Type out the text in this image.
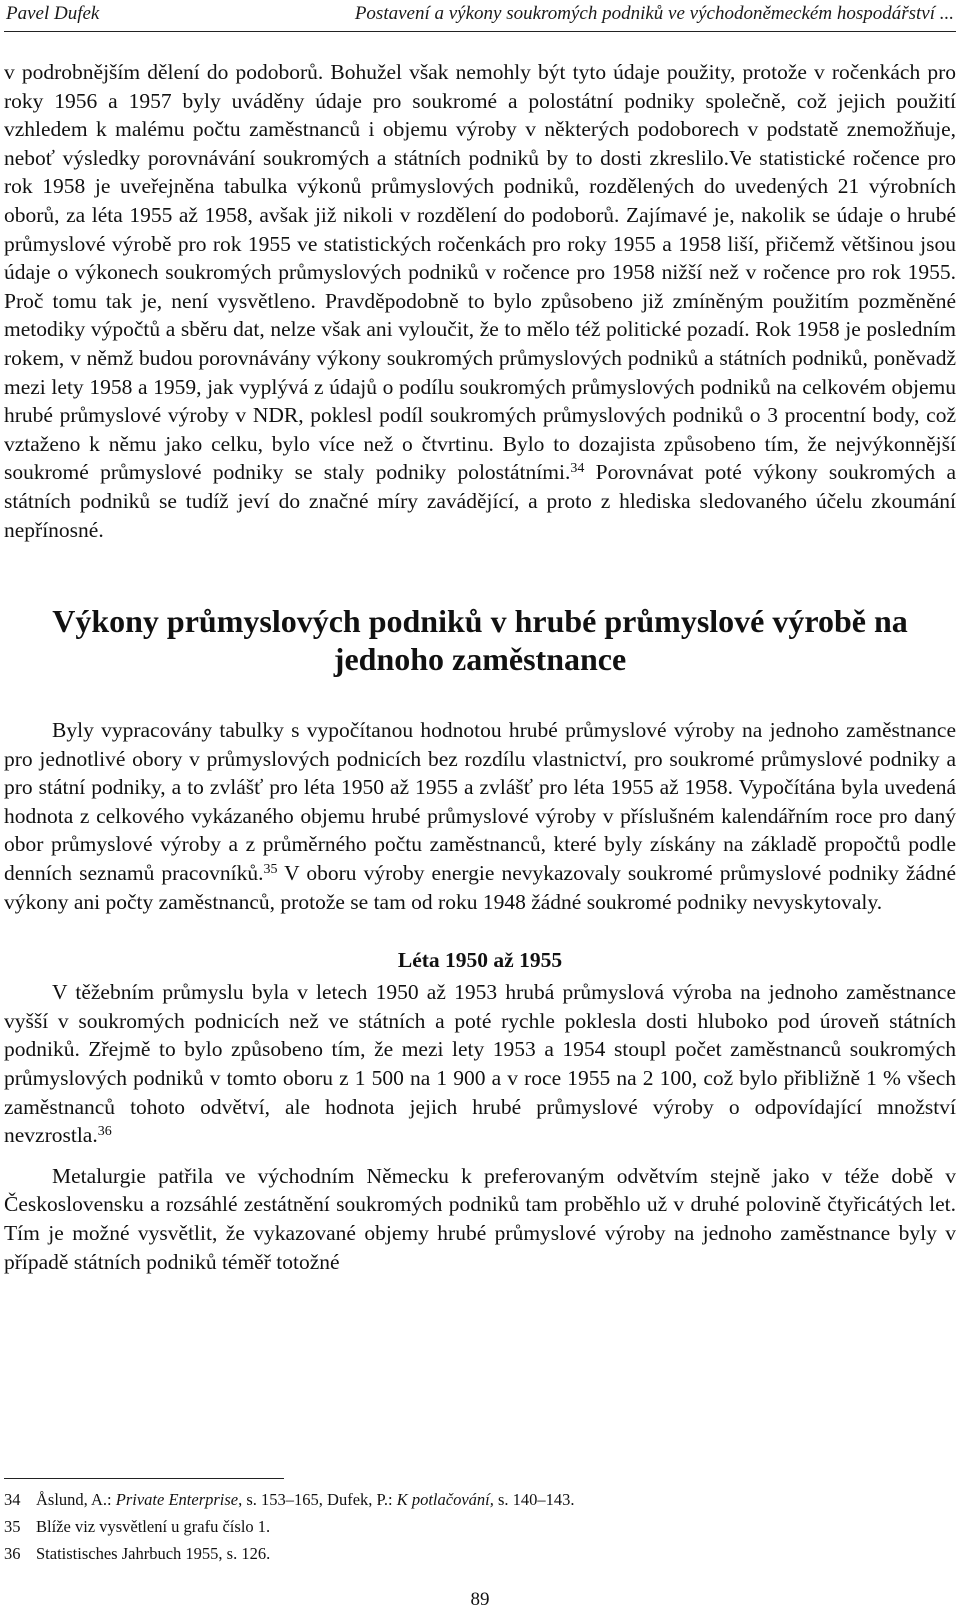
Pavel Dufek	Postavení a výkony soukromých podniků ve východoněmeckém hospodářství ...

v podrobnějším dělení do podoborů. Bohužel však nemohly být tyto údaje použity, protože v ročenkách pro roky 1956 a 1957 byly uváděny údaje pro soukromé a polostátní podniky společně, což jejich použití vzhledem k malému počtu zaměstnanců i objemu výroby v některých podoborech v podstatě znemožňuje, neboť výsledky porovnávání soukromých a státních podniků by to dosti zkreslilo.Ve statistické ročence pro rok 1958 je uveřejněna tabulka výkonů průmyslových podniků, rozdělených do uvedených 21 výrobních oborů, za léta 1955 až 1958, avšak již nikoli v rozdělení do podoborů. Zajímavé je, nakolik se údaje o hrubé průmyslové výrobě pro rok 1955 ve statistických ročenkách pro roky 1955 a 1958 liší, přičemž většinou jsou údaje o výkonech soukromých průmyslových podniků v ročence pro 1958 nižší než v ročence pro rok 1955. Proč tomu tak je, není vysvětleno. Pravděpodobně to bylo způsobeno již zmíněným použitím pozměněné metodiky výpočtů a sběru dat, nelze však ani vyloučit, že to mělo též politické pozadí. Rok 1958 je posledním rokem, v němž budou porovnávány výkony soukromých průmyslových podniků a státních podniků, poněvadž mezi lety 1958 a 1959, jak vyplývá z údajů o podílu soukromých průmyslových podniků na celkovém objemu hrubé průmyslové výroby v NDR, poklesl podíl soukromých průmyslových podniků o 3 procentní body, což vztaženo k němu jako celku, bylo více než o čtvrtinu. Bylo to dozajista způsobeno tím, že nejvýkonnější soukromé průmyslové podniky se staly podniky polostátními.$^{34}$ Porovnávat poté výkony soukromých a státních podniků se tudíž jeví do značné míry zavádějící, a proto z hlediska sledovaného účelu zkoumání nepřínosné.

Výkony průmyslových podniků v hrubé průmyslové výrobě na jednoho zaměstnance

Byly vypracovány tabulky s vypočítanou hodnotou hrubé průmyslové výroby na jednoho zaměstnance pro jednotlivé obory v průmyslových podnicích bez rozdílu vlastnictví, pro soukromé průmyslové podniky a pro státní podniky, a to zvlášť pro léta 1950 až 1955 a zvlášť pro léta 1955 až 1958. Vypočítána byla uvedená hodnota z celkového vykázaného objemu hrubé průmyslové výroby v příslušném kalendářním roce pro daný obor průmyslové výroby a z průměrného počtu zaměstnanců, které byly získány na základě propočtů podle denních seznamů pracovníků.$^{35}$ V oboru výroby energie nevykazovaly soukromé průmyslové podniky žádné výkony ani počty zaměstnanců, protože se tam od roku 1948 žádné soukromé podniky nevyskytovaly.

Léta 1950 až 1955

V těžebním průmyslu byla v letech 1950 až 1953 hrubá průmyslová výroba na jednoho zaměstnance vyšší v soukromých podnicích než ve státních a poté rychle poklesla dosti hluboko pod úroveň státních podniků. Zřejmě to bylo způsobeno tím, že mezi lety 1953 a 1954 stoupl počet zaměstnanců soukromých průmyslových podniků v tomto oboru z 1 500 na 1 900 a v roce 1955 na 2 100, což bylo přibližně 1 % všech zaměstnanců tohoto odvětví, ale hodnota jejich hrubé průmyslové výroby o odpovídající množství nevzrostla.$^{36}$

Metalurgie patřila ve východním Německu k preferovaným odvětvím stejně jako v téže době v Československu a rozsáhlé zestátnění soukromých podniků tam proběhlo už v druhé polovině čtyřicátých let. Tím je možné vysvětlit, že vykazované objemy hrubé průmyslové výroby na jednoho zaměstnance byly v případě státních podniků téměř totožné

34 Åslund, A.: Private Enterprise, s. 153–165, Dufek, P.: K potlačování, s. 140–143.
35 Blíže viz vysvětlení u grafu číslo 1.
36 Statistisches Jahrbuch 1955, s. 126.
89
